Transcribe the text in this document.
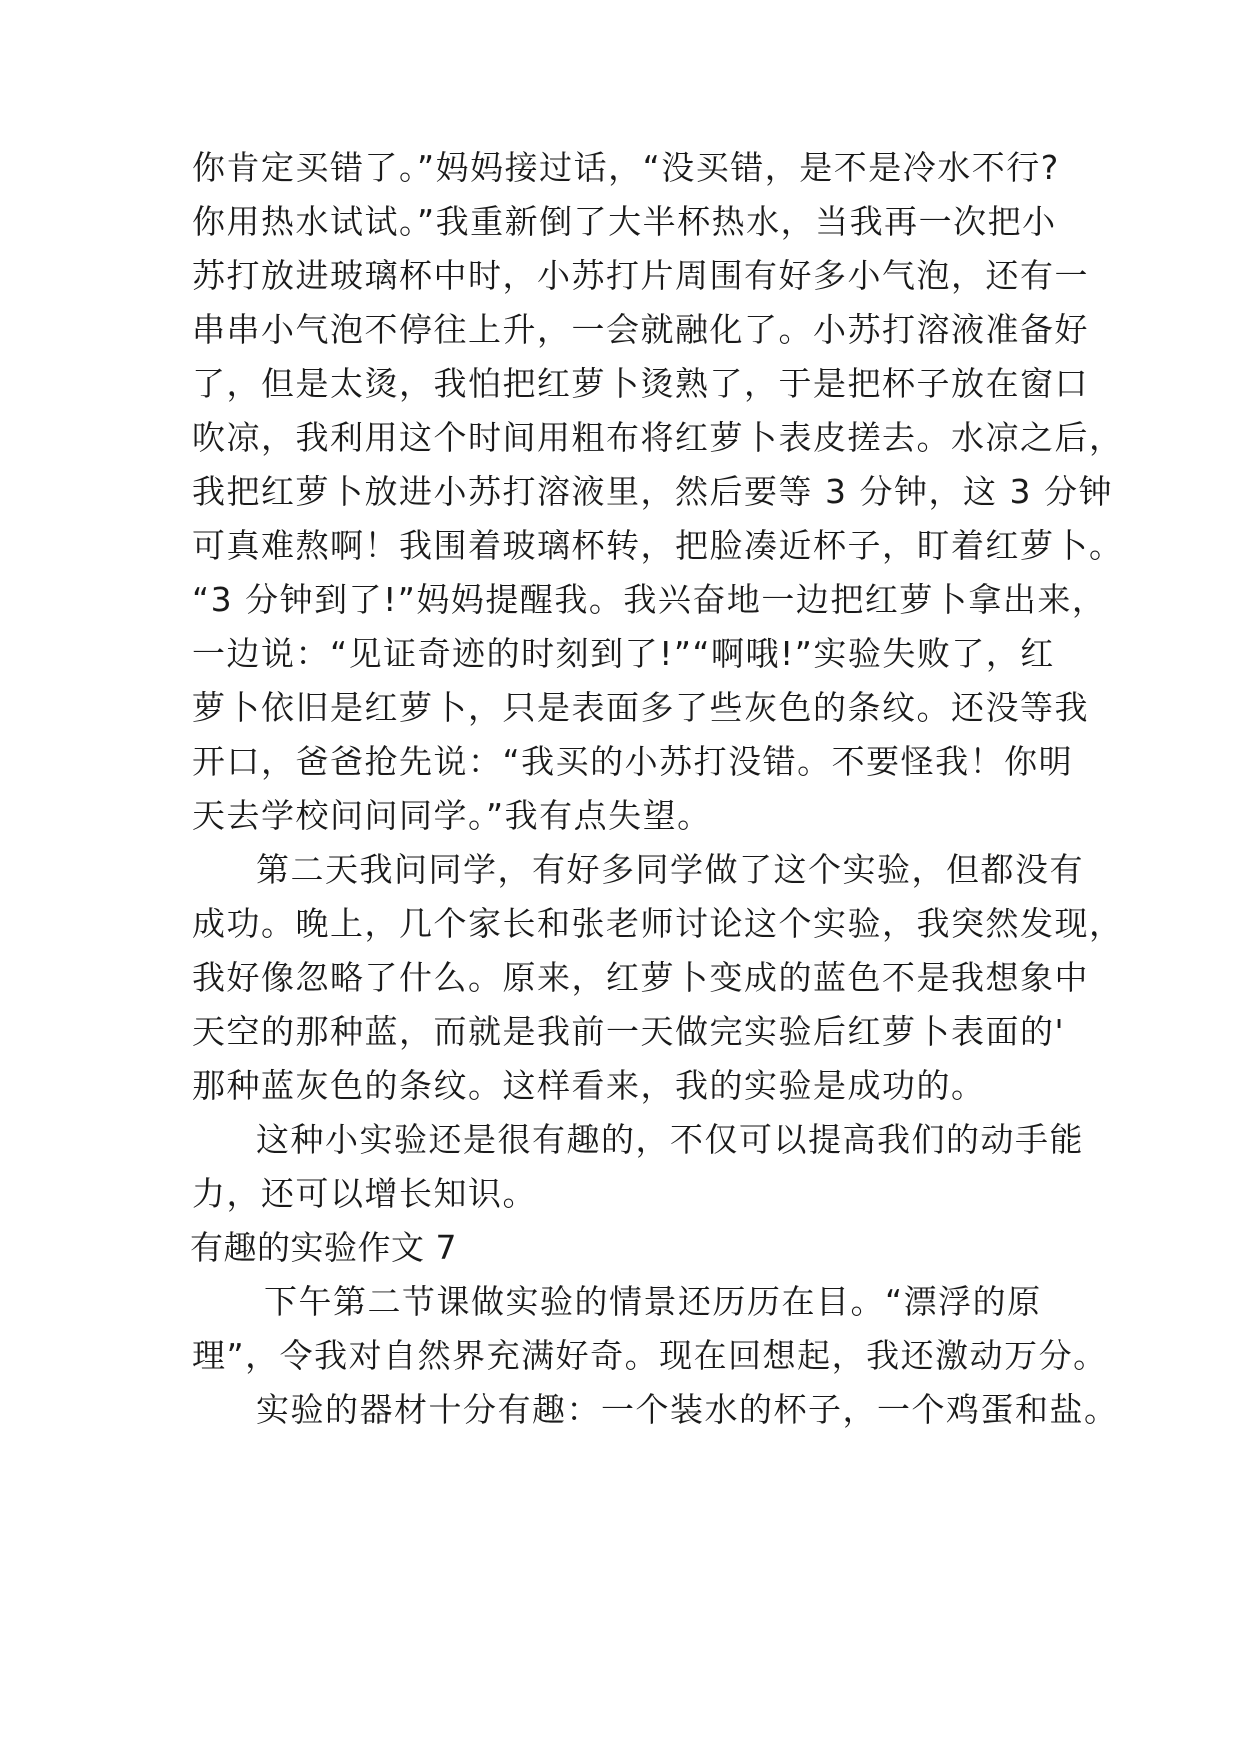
你肯定买错了。”妈妈接过话，“没买错，是不是冷水不行?
你用热水试试。”我重新倒了大半杯热水，当我再一次把小
苏打放进玻璃杯中时，小苏打片周围有好多小气泡，还有一
串串小气泡不停往上升，一会就融化了。小苏打溶液准备好
了，但是太烫，我怕把红萝卜烫熟了，于是把杯子放在窗口
吹凉，我利用这个时间用粗布将红萝卜表皮搓去。水凉之后，
我把红萝卜放进小苏打溶液里，然后要等 3 分钟，这 3 分钟
可真难熬啊！我围着玻璃杯转，把脸凑近杯子，盯着红萝卜。
“3 分钟到了!”妈妈提醒我。我兴奋地一边把红萝卜拿出来，
一边说：“见证奇迹的时刻到了!”“啊哦!”实验失败了，红
萝卜依旧是红萝卜，只是表面多了些灰色的条纹。还没等我
开口，爸爸抢先说：“我买的小苏打没错。不要怪我！你明
天去学校问问同学。”我有点失望。
第二天我问同学，有好多同学做了这个实验，但都没有
成功。晚上，几个家长和张老师讨论这个实验，我突然发现，
我好像忽略了什么。原来，红萝卜变成的蓝色不是我想象中
天空的那种蓝，而就是我前一天做完实验后红萝卜表面的'
那种蓝灰色的条纹。这样看来，我的实验是成功的。
这种小实验还是很有趣的，不仅可以提高我们的动手能
力，还可以增长知识。
有趣的实验作文 7
下午第二节课做实验的情景还历历在目。“漂浮的原
理”，令我对自然界充满好奇。现在回想起，我还激动万分。
实验的器材十分有趣：一个装水的杯子，一个鸡蛋和盐。
